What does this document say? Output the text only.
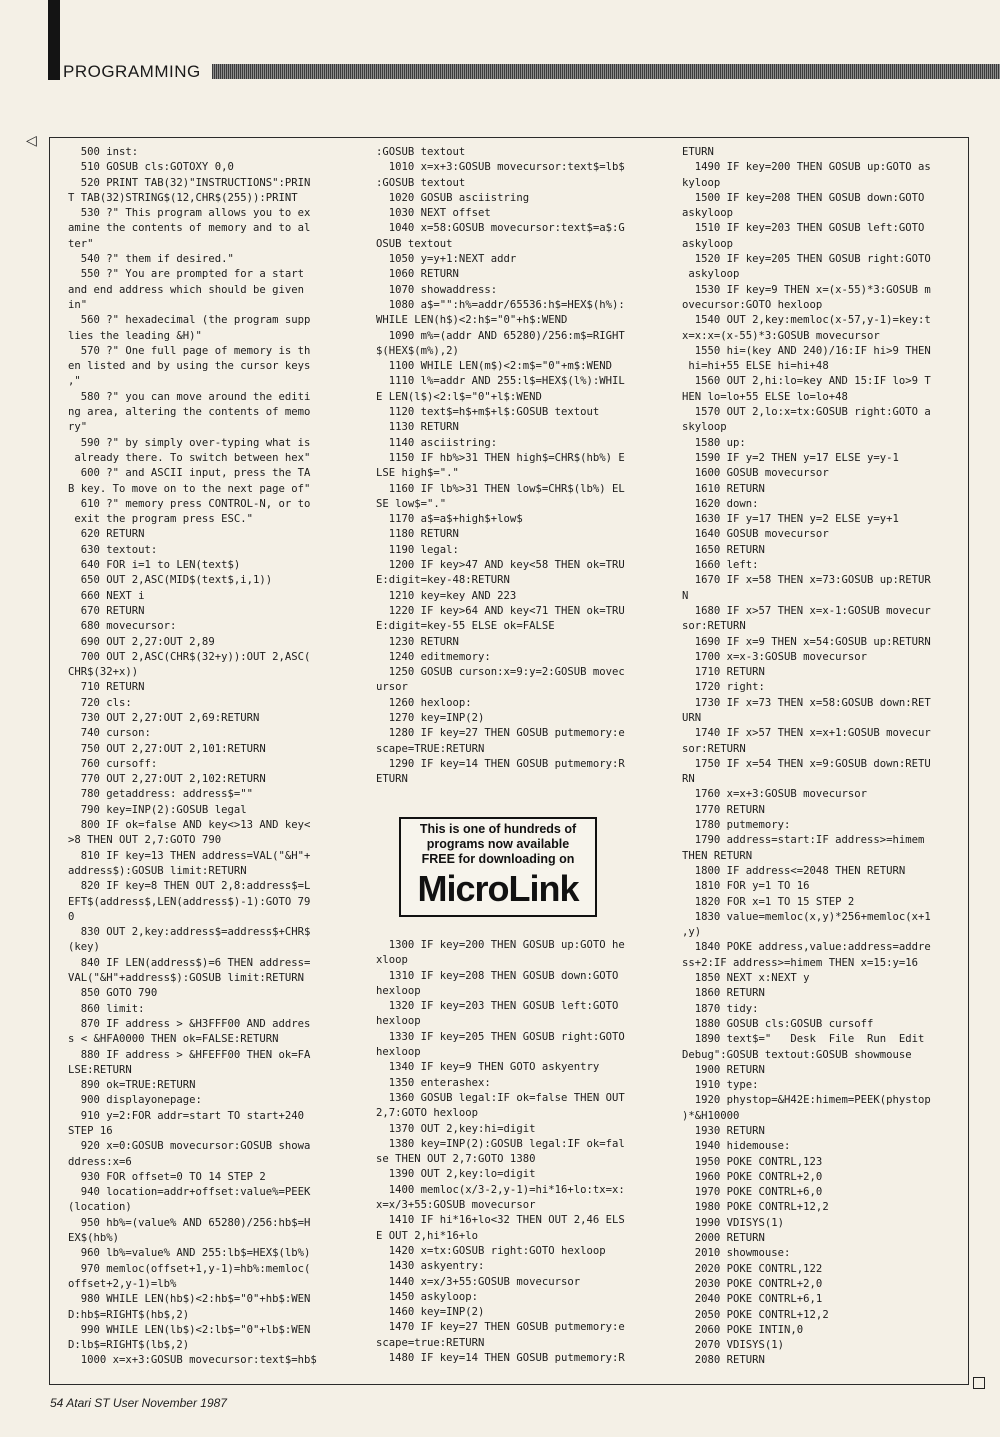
PROGRAMMING
◁
500 inst:
510 GOSUB cls:GOTOXY 0,0
520 PRINT TAB(32)"INSTRUCTIONS":PRIN
T TAB(32)STRING$(12,CHR$(255)):PRINT
530 ?" This program allows you to ex
amine the contents of memory and to al
ter"
540 ?" them if desired."
550 ?" You are prompted for a start
and end address which should be given
in"
560 ?" hexadecimal (the program supp
lies the leading &H)"
570 ?" One full page of memory is th
en listed and by using the cursor keys
,"
580 ?" you can move around the editi
ng area, altering the contents of memo
ry"
590 ?" by simply over-typing what is
already there. To switch between hex"
600 ?" and ASCII input, press the TA
B key. To move on to the next page of"
610 ?" memory press CONTROL-N, or to
exit the program press ESC."
620 RETURN
630 textout:
640 FOR i=1 to LEN(text$)
650 OUT 2,ASC(MID$(text$,i,1))
660 NEXT i
670 RETURN
680 movecursor:
690 OUT 2,27:OUT 2,89
700 OUT 2,ASC(CHR$(32+y)):OUT 2,ASC(
CHR$(32+x))
710 RETURN
720 cls:
730 OUT 2,27:OUT 2,69:RETURN
740 curson:
750 OUT 2,27:OUT 2,101:RETURN
760 cursoff:
770 OUT 2,27:OUT 2,102:RETURN
780 getaddress: address$=""
790 key=INP(2):GOSUB legal
800 IF ok=false AND key<>13 AND key<
>8 THEN OUT 2,7:GOTO 790
810 IF key=13 THEN address=VAL("&H"+
address$):GOSUB limit:RETURN
820 IF key=8 THEN OUT 2,8:address$=L
EFT$(address$,LEN(address$)-1):GOTO 79
0
830 OUT 2,key:address$=address$+CHR$
(key)
840 IF LEN(address$)=6 THEN address=
VAL("&H"+address$):GOSUB limit:RETURN
850 GOTO 790
860 limit:
870 IF address > &H3FFF00 AND addres
s < &HFA0000 THEN ok=FALSE:RETURN
880 IF address > &HFEFF00 THEN ok=FA
LSE:RETURN
890 ok=TRUE:RETURN
900 displayonepage:
910 y=2:FOR addr=start TO start+240
STEP 16
920 x=0:GOSUB movecursor:GOSUB showa
ddress:x=6
930 FOR offset=0 TO 14 STEP 2
940 location=addr+offset:value%=PEEK
(location)
950 hb%=(value% AND 65280)/256:hb$=H
EX$(hb%)
960 lb%=value% AND 255:lb$=HEX$(lb%)
970 memloc(offset+1,y-1)=hb%:memloc(
offset+2,y-1)=lb%
980 WHILE LEN(hb$)<2:hb$="0"+hb$:WEN
D:hb$=RIGHT$(hb$,2)
990 WHILE LEN(lb$)<2:lb$="0"+lb$:WEN
D:lb$=RIGHT$(lb$,2)
1000 x=x+3:GOSUB movecursor:text$=hb$
:GOSUB textout
1010 x=x+3:GOSUB movecursor:text$=lb$
:GOSUB textout
1020 GOSUB asciistring
1030 NEXT offset
1040 x=58:GOSUB movecursor:text$=a$:G
OSUB textout
1050 y=y+1:NEXT addr
1060 RETURN
1070 showaddress:
1080 a$="":h%=addr/65536:h$=HEX$(h%):
WHILE LEN(h$)<2:h$="0"+h$:WEND
1090 m%=(addr AND 65280)/256:m$=RIGHT
$(HEX$(m%),2)
1100 WHILE LEN(m$)<2:m$="0"+m$:WEND
1110 l%=addr AND 255:l$=HEX$(l%):WHIL
E LEN(l$)<2:l$="0"+l$:WEND
1120 text$=h$+m$+l$:GOSUB textout
1130 RETURN
1140 asciistring:
1150 IF hb%>31 THEN high$=CHR$(hb%) E
LSE high$="."
1160 IF lb%>31 THEN low$=CHR$(lb%) EL
SE low$="."
1170 a$=a$+high$+low$
1180 RETURN
1190 legal:
1200 IF key>47 AND key<58 THEN ok=TRU
E:digit=key-48:RETURN
1210 key=key AND 223
1220 IF key>64 AND key<71 THEN ok=TRU
E:digit=key-55 ELSE ok=FALSE
1230 RETURN
1240 editmemory:
1250 GOSUB curson:x=9:y=2:GOSUB movec
ursor
1260 hexloop:
1270 key=INP(2)
1280 IF key=27 THEN GOSUB putmemory:e
scape=TRUE:RETURN
1290 IF key=14 THEN GOSUB putmemory:R
ETURN
1300 IF key=200 THEN GOSUB up:GOTO he
xloop
1310 IF key=208 THEN GOSUB down:GOTO
hexloop
1320 IF key=203 THEN GOSUB left:GOTO
hexloop
1330 IF key=205 THEN GOSUB right:GOTO
hexloop
1340 IF key=9 THEN GOTO askyentry
1350 enterashex:
1360 GOSUB legal:IF ok=false THEN OUT
2,7:GOTO hexloop
1370 OUT 2,key:hi=digit
1380 key=INP(2):GOSUB legal:IF ok=fal
se THEN OUT 2,7:GOTO 1380
1390 OUT 2,key:lo=digit
1400 memloc(x/3-2,y-1)=hi*16+lo:tx=x:
x=x/3+55:GOSUB movecursor
1410 IF hi*16+lo<32 THEN OUT 2,46 ELS
E OUT 2,hi*16+lo
1420 x=tx:GOSUB right:GOTO hexloop
1430 askyentry:
1440 x=x/3+55:GOSUB movecursor
1450 askyloop:
1460 key=INP(2)
1470 IF key=27 THEN GOSUB putmemory:e
scape=true:RETURN
1480 IF key=14 THEN GOSUB putmemory:R
ETURN
1490 IF key=200 THEN GOSUB up:GOTO as
kyloop
1500 IF key=208 THEN GOSUB down:GOTO
askyloop
1510 IF key=203 THEN GOSUB left:GOTO
askyloop
1520 IF key=205 THEN GOSUB right:GOTO
askyloop
1530 IF key=9 THEN x=(x-55)*3:GOSUB m
ovecursor:GOTO hexloop
1540 OUT 2,key:memloc(x-57,y-1)=key:t
x=x:x=(x-55)*3:GOSUB movecursor
1550 hi=(key AND 240)/16:IF hi>9 THEN
hi=hi+55 ELSE hi=hi+48
1560 OUT 2,hi:lo=key AND 15:IF lo>9 T
HEN lo=lo+55 ELSE lo=lo+48
1570 OUT 2,lo:x=tx:GOSUB right:GOTO a
skyloop
1580 up:
1590 IF y=2 THEN y=17 ELSE y=y-1
1600 GOSUB movecursor
1610 RETURN
1620 down:
1630 IF y=17 THEN y=2 ELSE y=y+1
1640 GOSUB movecursor
1650 RETURN
1660 left:
1670 IF x=58 THEN x=73:GOSUB up:RETUR
N
1680 IF x>57 THEN x=x-1:GOSUB movecur
sor:RETURN
1690 IF x=9 THEN x=54:GOSUB up:RETURN
1700 x=x-3:GOSUB movecursor
1710 RETURN
1720 right:
1730 IF x=73 THEN x=58:GOSUB down:RET
URN
1740 IF x>57 THEN x=x+1:GOSUB movecur
sor:RETURN
1750 IF x=54 THEN x=9:GOSUB down:RETU
RN
1760 x=x+3:GOSUB movecursor
1770 RETURN
1780 putmemory:
1790 address=start:IF address>=himem
THEN RETURN
1800 IF address<=2048 THEN RETURN
1810 FOR y=1 TO 16
1820 FOR x=1 TO 15 STEP 2
1830 value=memloc(x,y)*256+memloc(x+1
,y)
1840 POKE address,value:address=addre
ss+2:IF address>=himem THEN x=15:y=16
1850 NEXT x:NEXT y
1860 RETURN
1870 tidy:
1880 GOSUB cls:GOSUB cursoff
1890 text$="   Desk  File  Run  Edit
Debug":GOSUB textout:GOSUB showmouse
1900 RETURN
1910 type:
1920 phystop=&H42E:himem=PEEK(phystop
)*&H10000
1930 RETURN
1940 hidemouse:
1950 POKE CONTRL,123
1960 POKE CONTRL+2,0
1970 POKE CONTRL+6,0
1980 POKE CONTRL+12,2
1990 VDISYS(1)
2000 RETURN
2010 showmouse:
2020 POKE CONTRL,122
2030 POKE CONTRL+2,0
2040 POKE CONTRL+6,1
2050 POKE CONTRL+12,2
2060 POKE INTIN,0
2070 VDISYS(1)
2080 RETURN
This is one of hundreds of
programs now available
FREE for downloading on
MicroLink
54 Atari ST User November 1987
